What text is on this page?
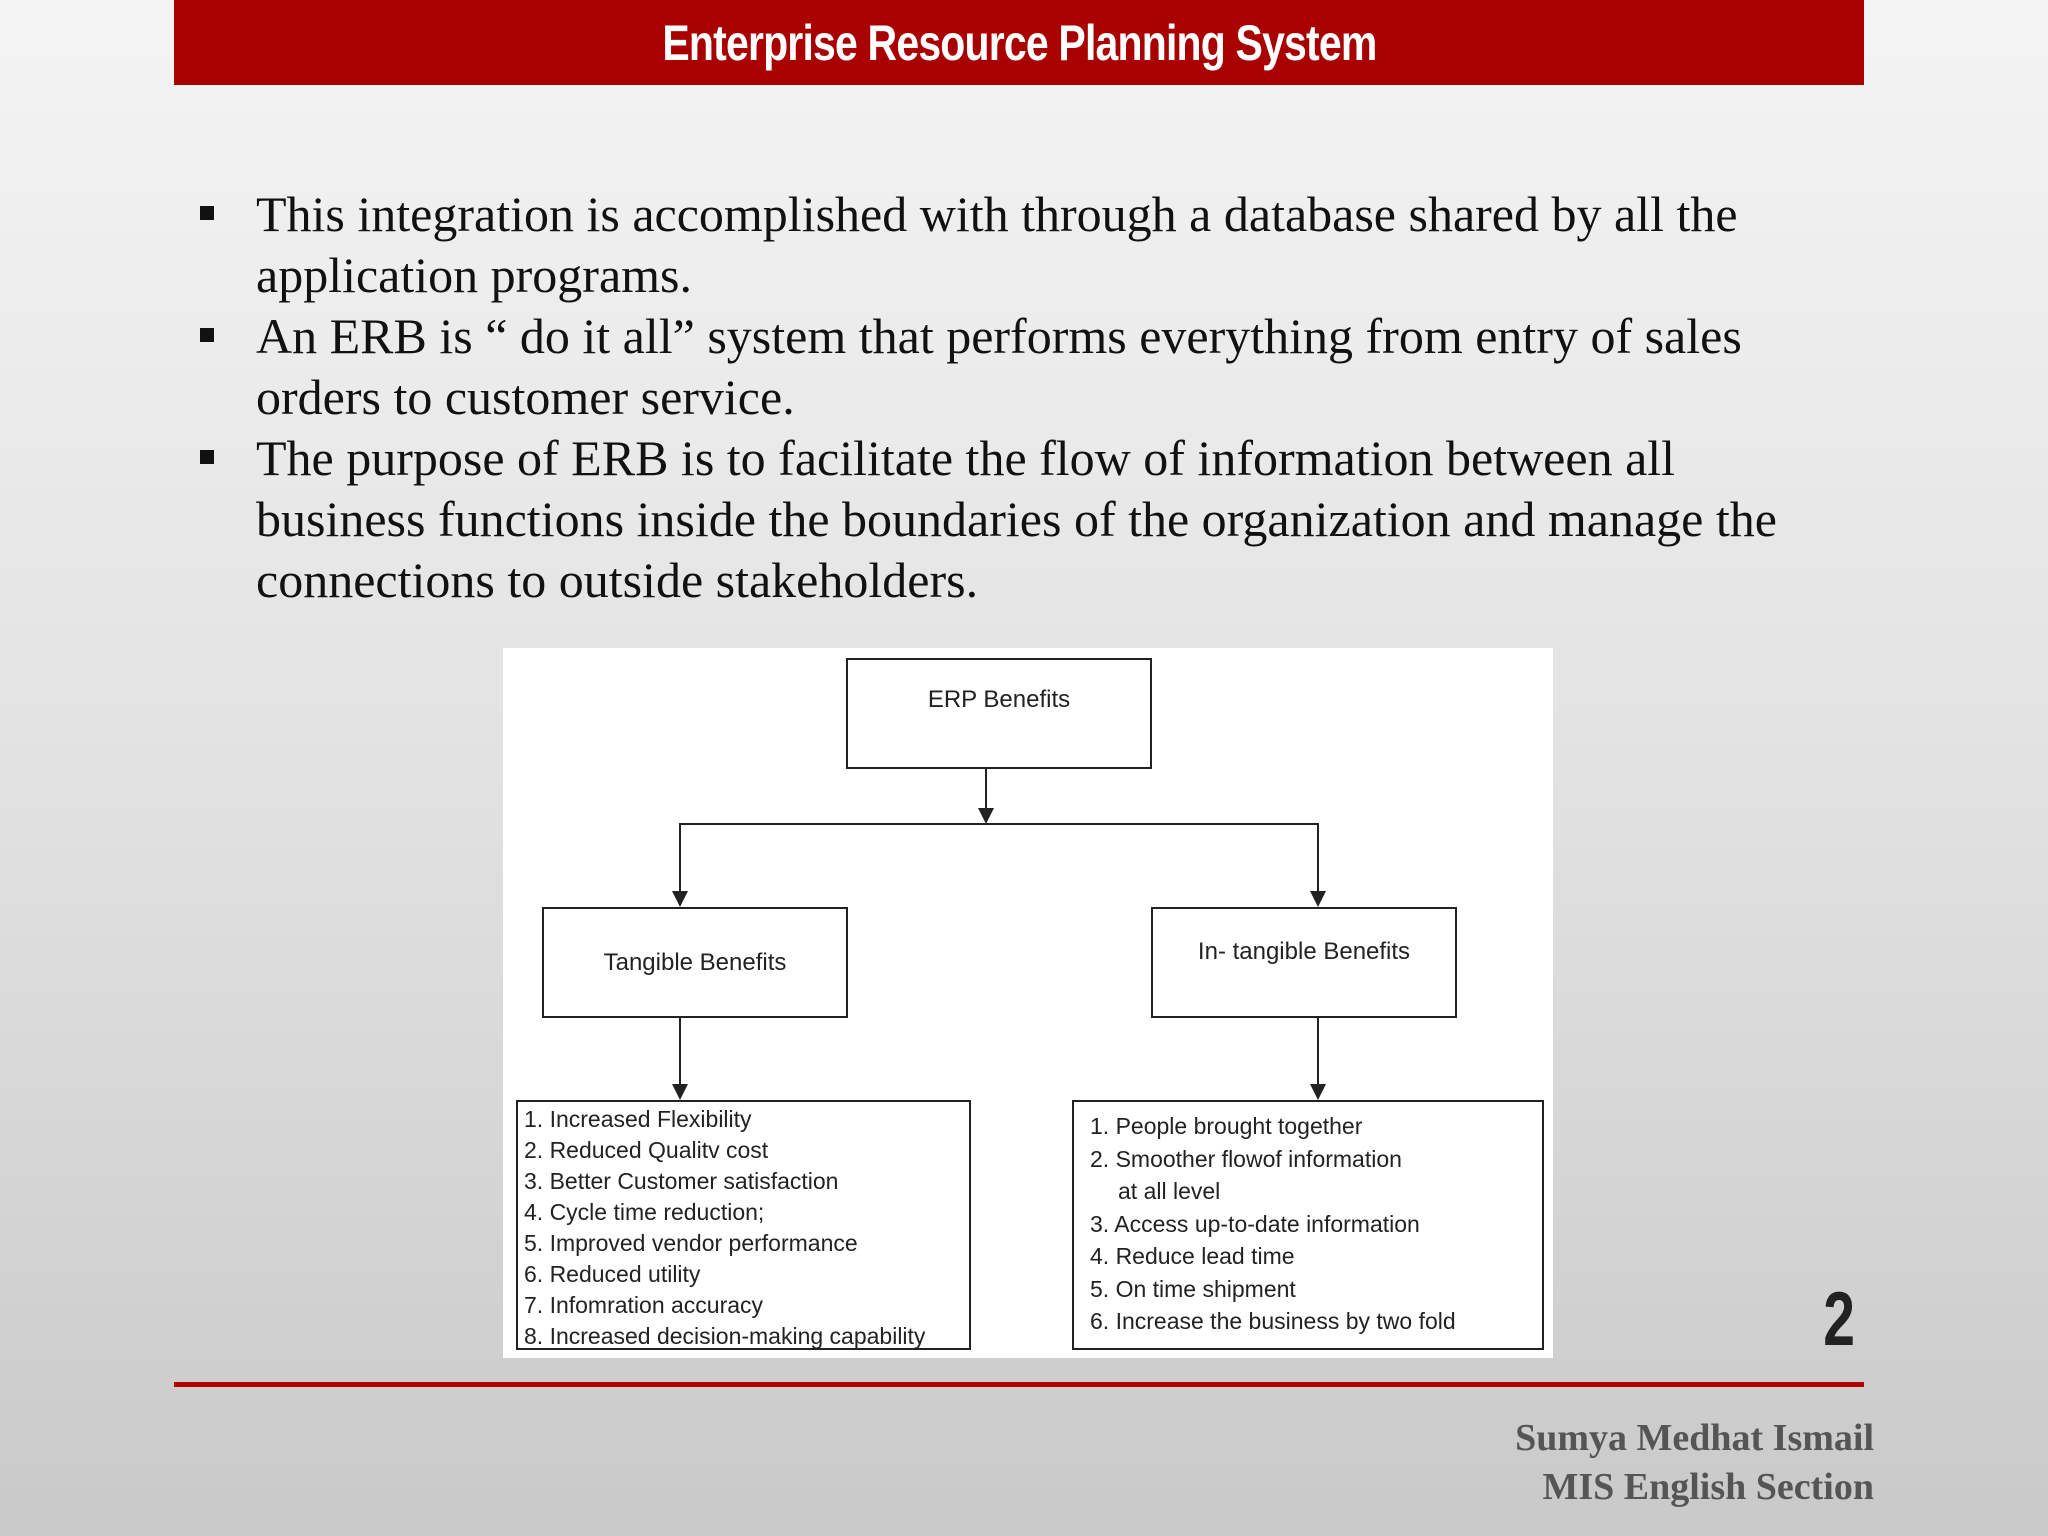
Enterprise Resource Planning System
This integration is accomplished with through a database shared by all the
application programs.
An ERB is “ do it all” system that performs everything from entry of sales
orders to customer service.
The purpose of ERB is to facilitate the flow of information between all
business functions inside the boundaries of the organization and manage the
connections to outside stakeholders.
ERP Benefits
Tangible Benefits	In- tangible Benefits
1. Increased Flexibility
2. Reduced Qualitv cost
3. Better Customer satisfaction
4. Cycle time reduction;
5. Improved vendor performance
6. Reduced utility
7. Infomration accuracy
8. Increased decision-making capability
1. People brought together
2. Smoother flowof information
at all level
3. Access up-to-date information
4. Reduce lead time
5. On time shipment
6. Increase the business by two fold	2
Sumya Medhat Ismail
MIS English Section
